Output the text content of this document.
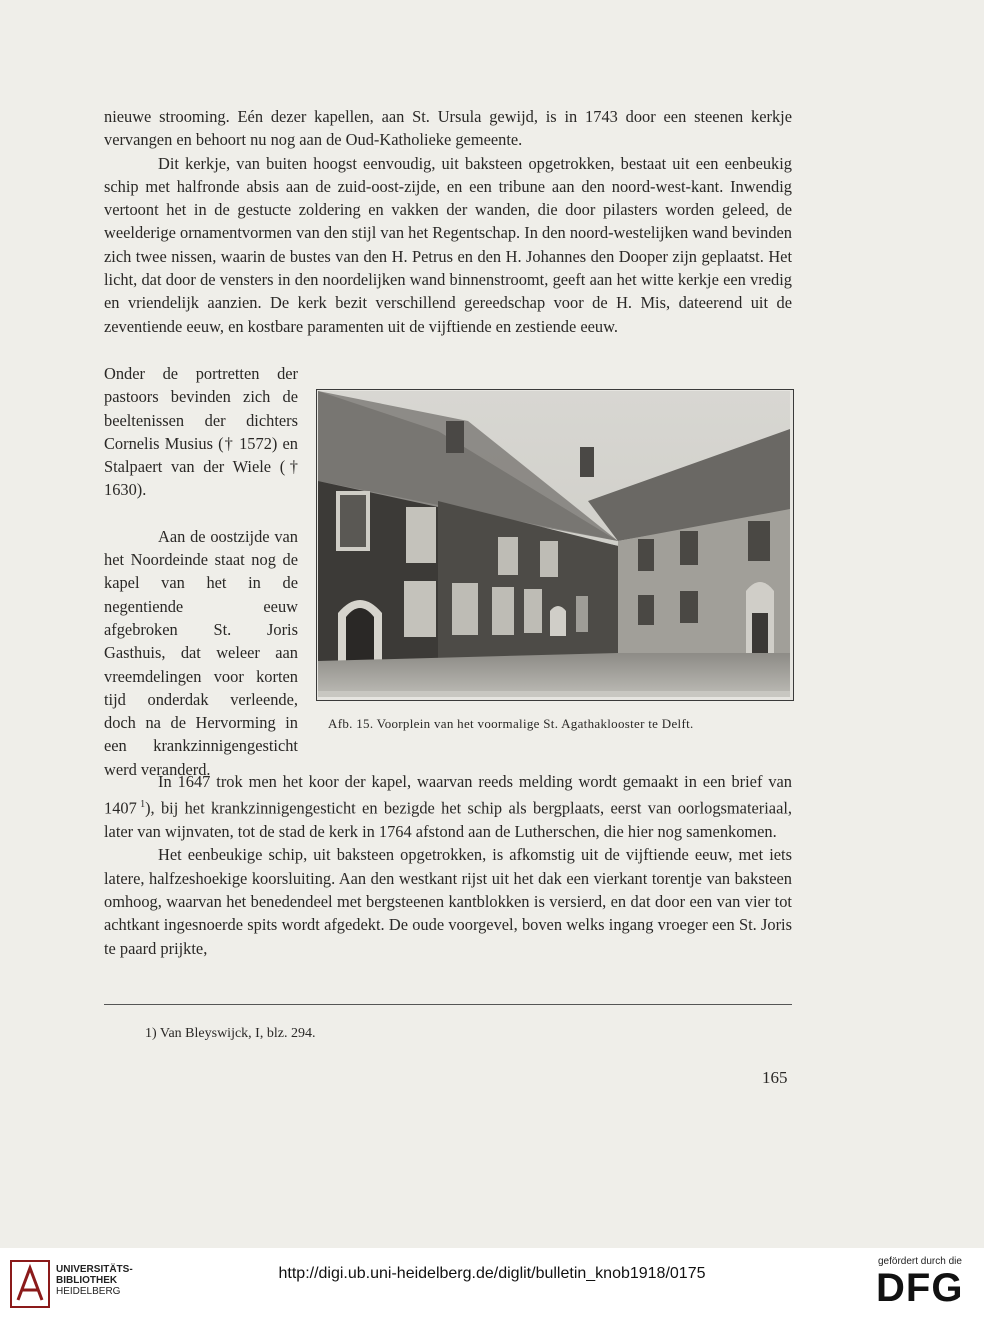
nieuwe strooming. Eén dezer kapellen, aan St. Ursula gewijd, is in 1743 door een steenen kerkje vervangen en behoort nu nog aan de Oud-Katholieke gemeente.

Dit kerkje, van buiten hoogst eenvoudig, uit baksteen opgetrokken, bestaat uit een eenbeukig schip met halfronde absis aan de zuid-oost-zijde, en een tribune aan den noord-west-kant. Inwendig vertoont het in de gestucte zoldering en vakken der wanden, die door pilasters worden geleed, de weelderige ornamentvormen van den stijl van het Regentschap. In den noord-westelijken wand bevinden zich twee nissen, waarin de bustes van den H. Petrus en den H. Johannes den Dooper zijn geplaatst. Het licht, dat door de vensters in den noordelijken wand binnenstroomt, geeft aan het witte kerkje een vredig en vriendelijk aanzien. De kerk bezit verschillend gereedschap voor de H. Mis, dateerend uit de zeventiende eeuw, en kostbare paramenten uit de vijftiende en zestiende eeuw.

Onder de portretten der pastoors bevinden zich de beeltenissen der dichters Cornelis Musius († 1572) en Stalpaert van der Wiele († 1630).

Aan de oostzijde van het Noordeinde staat nog de kapel van het in de negentiende eeuw afgebroken St. Joris Gasthuis, dat weleer aan vreemdelingen voor korten tijd onderdak verleende, doch na de Hervorming in een krankzinnigengesticht werd veranderd.

Afb. 15. Voorplein van het voormalige St. Agathaklooster te Delft.

In 1647 trok men het koor der kapel, waarvan reeds melding wordt gemaakt in een brief van 1407  $^1$), bij het krankzinnigengesticht en bezigde het schip als bergplaats, eerst van oorlogsmateriaal, later van wijnvaten, tot de stad de kerk in 1764 afstond aan de Lutherschen, die hier nog samenkomen.

Het eenbeukige schip, uit baksteen opgetrokken, is afkomstig uit de vijftiende eeuw, met iets latere, halfzeshoekige koorsluiting. Aan den westkant rijst uit het dak een vierkant torentje van baksteen omhoog, waarvan het benedendeel met bergsteenen kantblokken is versierd, en dat door een van vier tot achtkant ingesnoerde spits wordt afgedekt. De oude voorgevel, boven welks ingang vroeger een St. Joris te paard prijkte,

1) Van Bleyswijck, I, blz. 294.
165
UNIVERSITÄTS-
BIBLIOTHEK
HEIDELBERG
http://digi.ub.uni-heidelberg.de/diglit/bulletin_knob1918/0175
gefördert durch die
DFG
